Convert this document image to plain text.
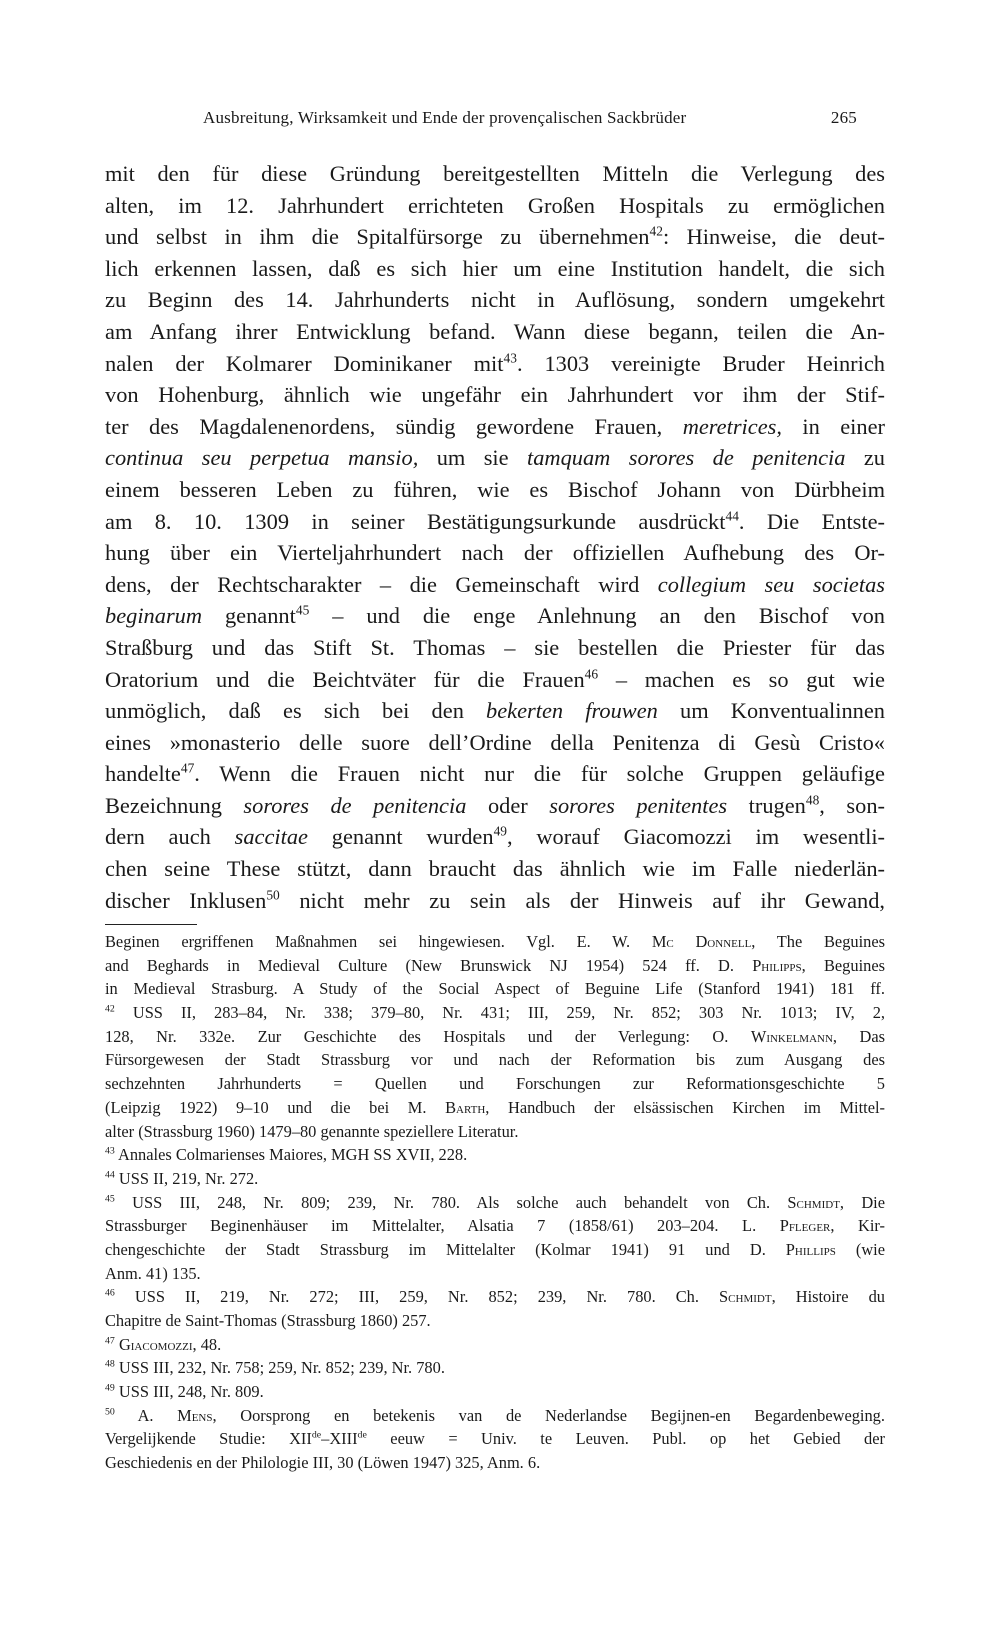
Ausbreitung, Wirksamkeit und Ende der provençalischen Sackbrüder	265
mit den für diese Gründung bereitgestellten Mitteln die Verlegung des
alten, im 12. Jahrhundert errichteten Großen Hospitals zu ermöglichen
und selbst in ihm die Spitalfürsorge zu übernehmen$^{42}$: Hinweise, die deut-
lich erkennen lassen, daß es sich hier um eine Institution handelt, die sich
zu Beginn des 14. Jahrhunderts nicht in Auflösung, sondern umgekehrt
am Anfang ihrer Entwicklung befand. Wann diese begann, teilen die An-
nalen der Kolmarer Dominikaner mit$^{43}$. 1303 vereinigte Bruder Heinrich
von Hohenburg, ähnlich wie ungefähr ein Jahrhundert vor ihm der Stif-
ter des Magdalenenordens, sündig gewordene Frauen, meretrices, in einer
continua seu perpetua mansio, um sie tamquam sorores de penitencia zu
einem besseren Leben zu führen, wie es Bischof Johann von Dürbheim
am 8. 10. 1309 in seiner Bestätigungsurkunde ausdrückt$^{44}$. Die Entste-
hung über ein Vierteljahrhundert nach der offiziellen Aufhebung des Or-
dens, der Rechtscharakter – die Gemeinschaft wird collegium seu societas
beginarum genannt$^{45}$ – und die enge Anlehnung an den Bischof von
Straßburg und das Stift St. Thomas – sie bestellen die Priester für das
Oratorium und die Beichtväter für die Frauen$^{46}$ – machen es so gut wie
unmöglich, daß es sich bei den bekerten frouwen um Konventualinnen
eines »monasterio delle suore dell’Ordine della Penitenza di Gesù Cristo«
handelte$^{47}$. Wenn die Frauen nicht nur die für solche Gruppen geläufige
Bezeichnung sorores de penitencia oder sorores penitentes trugen$^{48}$, son-
dern auch saccitae genannt wurden$^{49}$, worauf Giacomozzi im wesentli-
chen seine These stützt, dann braucht das ähnlich wie im Falle niederlän-
discher Inklusen$^{50}$ nicht mehr zu sein als der Hinweis auf ihr Gewand,
Beginen ergriffenen Maßnahmen sei hingewiesen. Vgl. E. W. Mc Donnell, The Beguines
and Beghards in Medieval Culture (New Brunswick NJ 1954) 524 ff. D. Philipps, Beguines
in Medieval Strasburg. A Study of the Social Aspect of Beguine Life (Stanford 1941) 181 ff.
$^{42}$ USS II, 283–84, Nr. 338; 379–80, Nr. 431; III, 259, Nr. 852; 303 Nr. 1013; IV, 2,
128, Nr. 332e. Zur Geschichte des Hospitals und der Verlegung: O. Winkelmann, Das
Fürsorgewesen der Stadt Strassburg vor und nach der Reformation bis zum Ausgang des
sechzehnten Jahrhunderts = Quellen und Forschungen zur Reformationsgeschichte 5
(Leipzig 1922) 9–10 und die bei M. Barth, Handbuch der elsässischen Kirchen im Mittel-
alter (Strassburg 1960) 1479–80 genannte speziellere Literatur.
$^{43}$ Annales Colmarienses Maiores, MGH SS XVII, 228.
$^{44}$ USS II, 219, Nr. 272.
$^{45}$ USS III, 248, Nr. 809; 239, Nr. 780. Als solche auch behandelt von Ch. Schmidt, Die
Strassburger Beginenhäuser im Mittelalter, Alsatia 7 (1858/61) 203–204. L. Pfleger, Kir-
chengeschichte der Stadt Strassburg im Mittelalter (Kolmar 1941) 91 und D. Phillips (wie
Anm. 41) 135.
$^{46}$ USS II, 219, Nr. 272; III, 259, Nr. 852; 239, Nr. 780. Ch. Schmidt, Histoire du
Chapitre de Saint-Thomas (Strassburg 1860) 257.
$^{47}$ Giacomozzi, 48.
$^{48}$ USS III, 232, Nr. 758; 259, Nr. 852; 239, Nr. 780.
$^{49}$ USS III, 248, Nr. 809.
$^{50}$ A. Mens, Oorsprong en betekenis van de Nederlandse Begijnen-en Begardenbeweging.
Vergelijkende Studie: XIIde–XIIIde eeuw = Univ. te Leuven. Publ. op het Gebied der
Geschiedenis en der Philologie III, 30 (Löwen 1947) 325, Anm. 6.
